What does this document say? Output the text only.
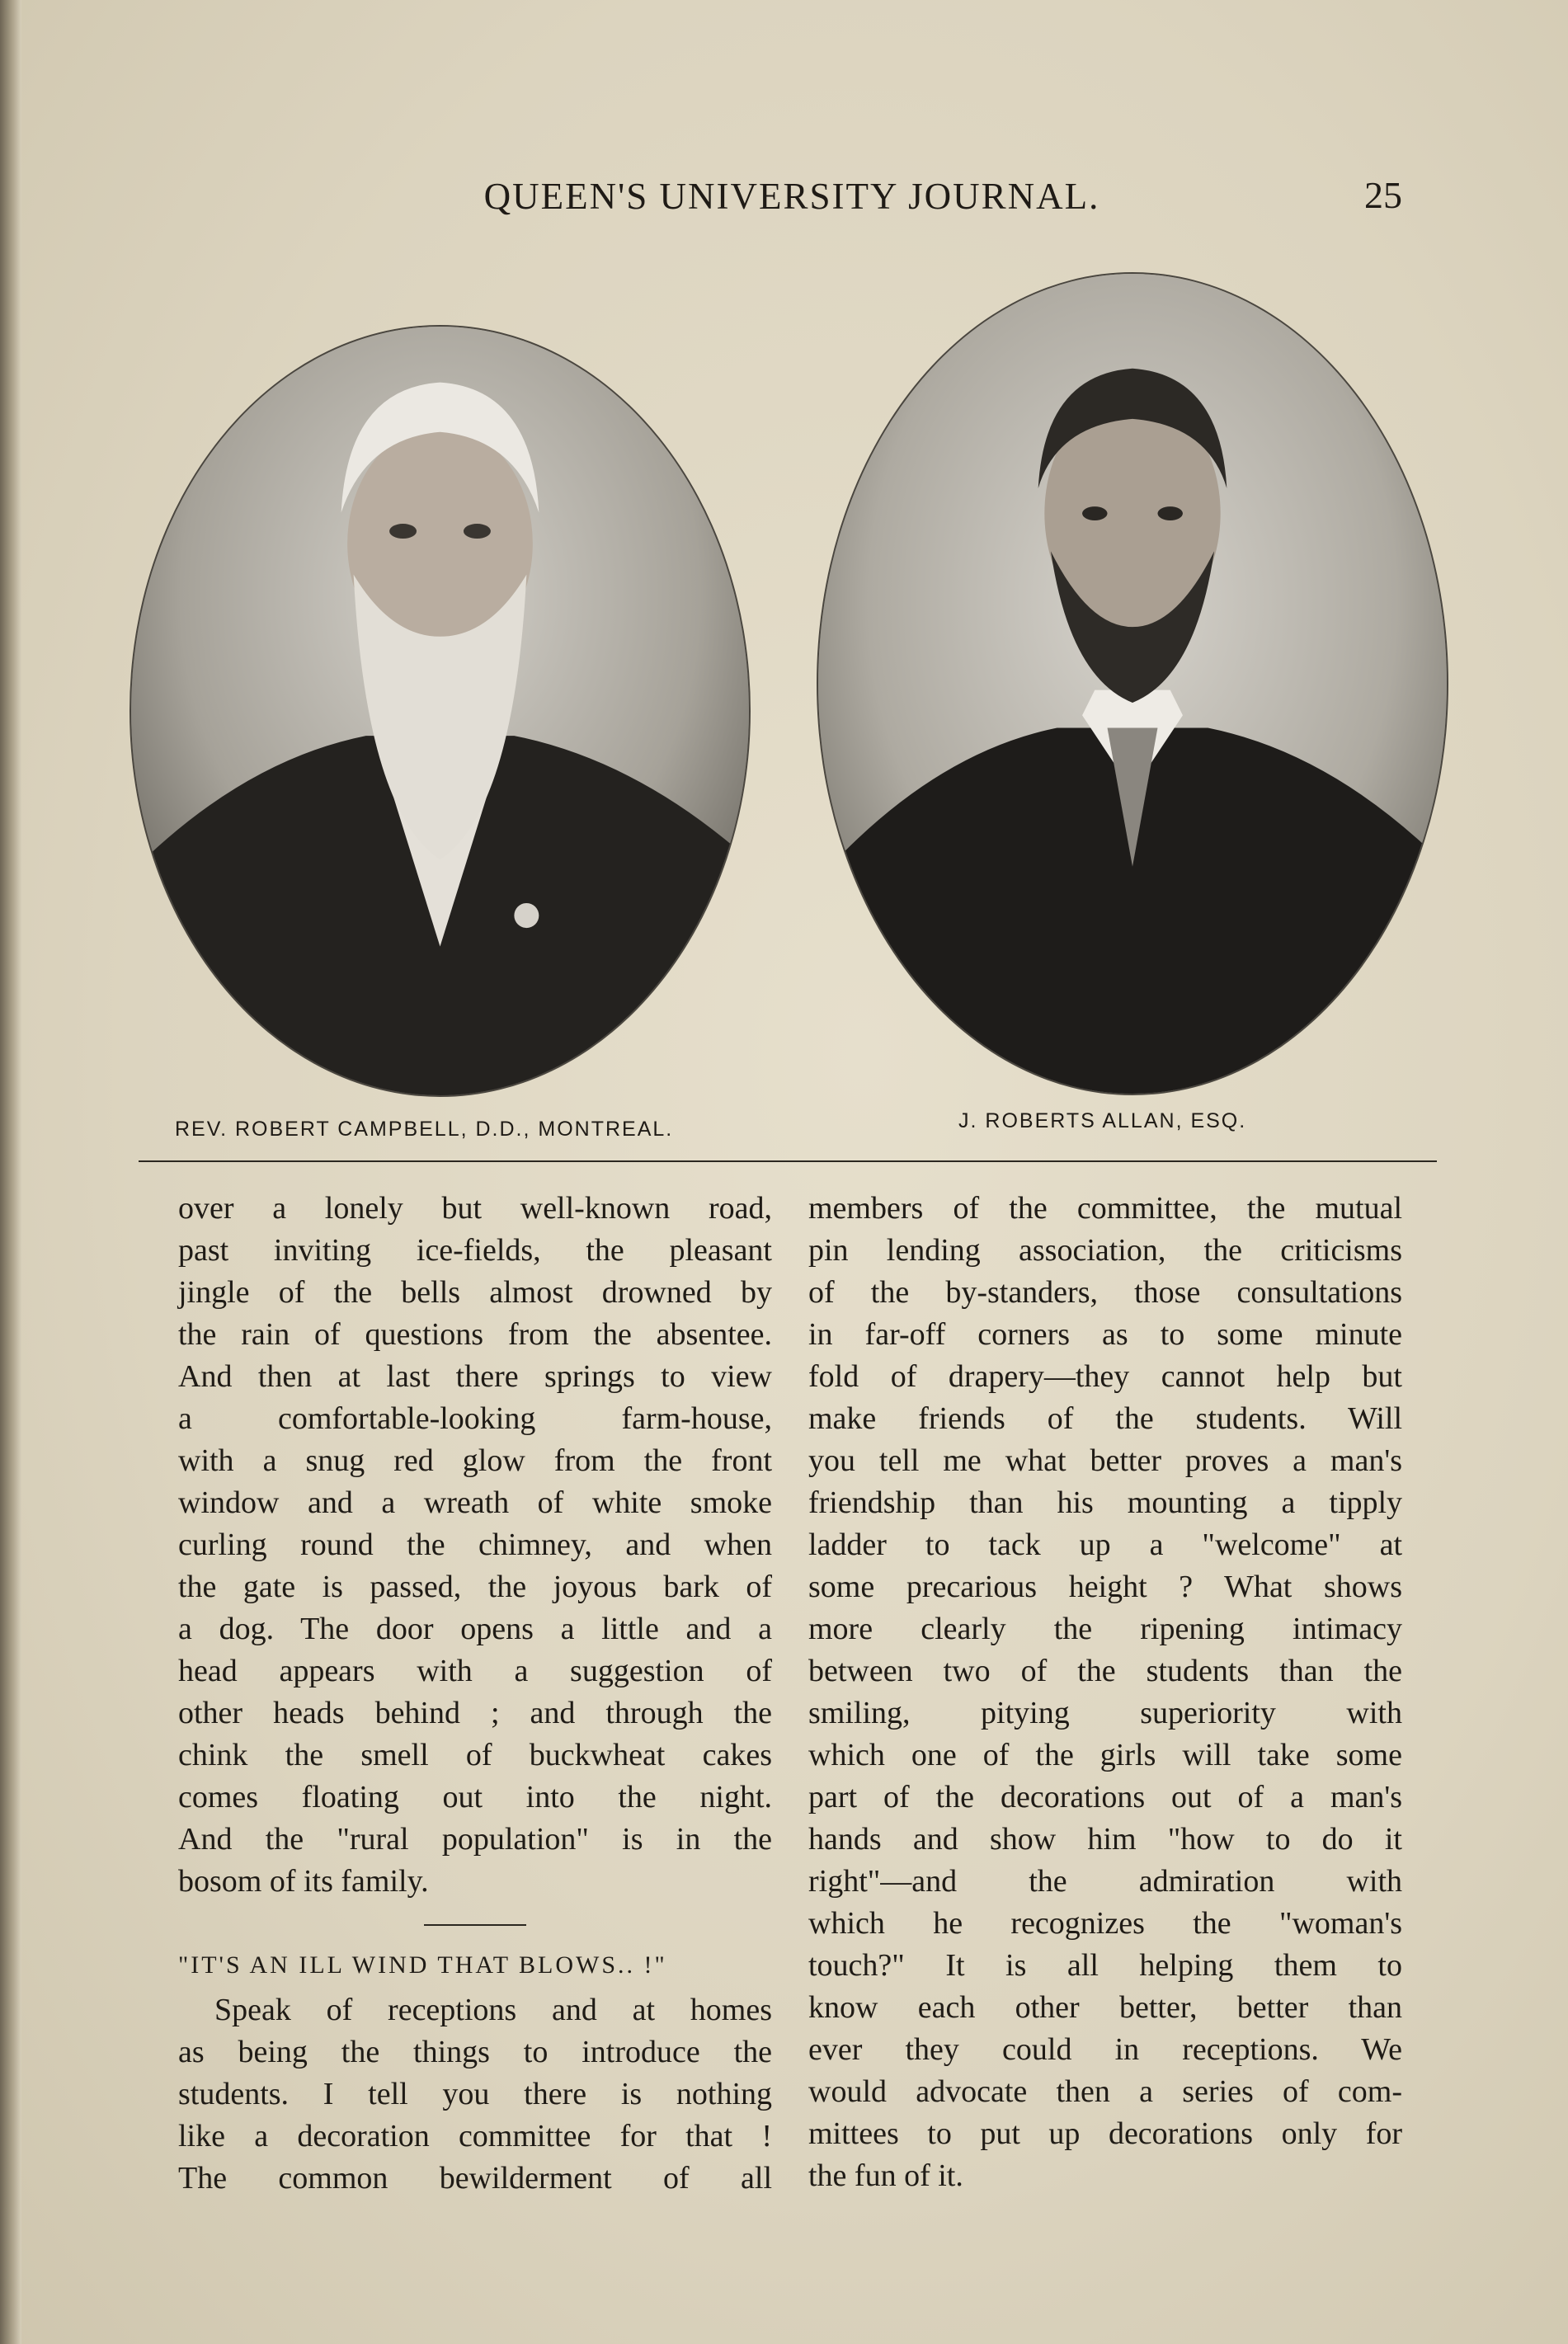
QUEEN'S UNIVERSITY JOURNAL.	25
REV. ROBERT CAMPBELL, D.D., MONTREAL.	J. ROBERTS ALLAN, ESQ.
over a lonely but well-known road,
past inviting ice-fields, the pleasant
jingle of the bells almost drowned by
the rain of questions from the absentee.
And then at last there springs to view
a comfortable-looking farm-house,
with a snug red glow from the front
window and a wreath of white smoke
curling round the chimney, and when
the gate is passed, the joyous bark of
a dog. The door opens a little and a
head appears with a suggestion of
other heads behind ; and through the
chink the smell of buckwheat cakes
comes floating out into the night.
And the "rural population" is in the
bosom of its family.
"IT'S AN ILL WIND THAT BLOWS.. !"
Speak of receptions and at homes
as being the things to introduce the
students. I tell you there is nothing
like a decoration committee for that !
The common bewilderment of all
members of the committee, the mutual
pin lending association, the criticisms
of the by-standers, those consultations
in far-off corners as to some minute
fold of drapery—they cannot help but
make friends of the students. Will
you tell me what better proves a man's
friendship than his mounting a tipply
ladder to tack up a "welcome" at
some precarious height ? What shows
more clearly the ripening intimacy
between two of the students than the
smiling, pitying superiority with
which one of the girls will take some
part of the decorations out of a man's
hands and show him "how to do it
right"—and the admiration with
which he recognizes the "woman's
touch?" It is all helping them to
know each other better, better than
ever they could in receptions. We
would advocate then a series of com-
mittees to put up decorations only for
the fun of it.
